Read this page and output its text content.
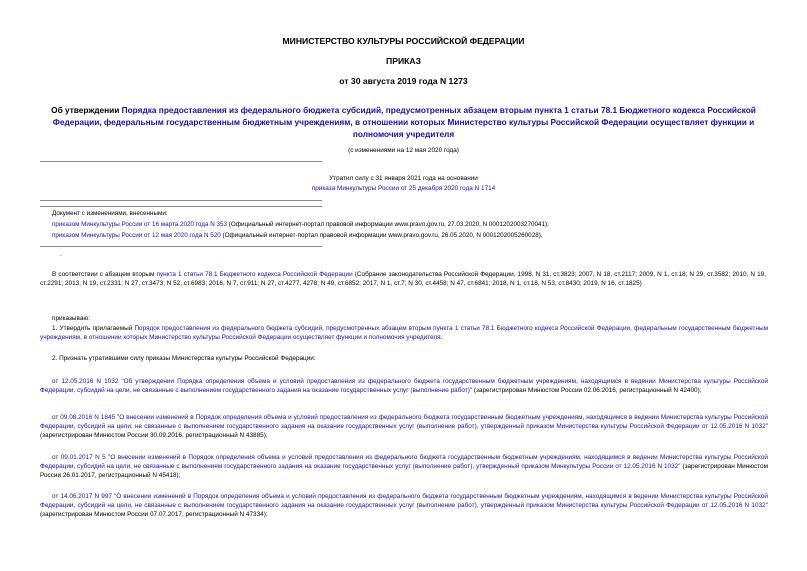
МИНИСТЕРСТВО КУЛЬТУРЫ РОССИЙСКОЙ ФЕДЕРАЦИИ
ПРИКАЗ
от 30 августа 2019 года N 1273
Об утверждении Порядка предоставления из федерального бюджета субсидий, предусмотренных абзацем вторым пункта 1 статьи 78.1 Бюджетного кодекса Российской Федерации, федеральным государственным бюджетным учреждениям, в отношении которых Министерство культуры Российской Федерации осуществляет функции и полномочия учредителя
(с изменениями на 12 мая 2020 года)
Утратил силу с 31 января 2021 года на основании
приказа Минкультуры России от 25 декабря 2020 года N 1714
Документ с изменениями, внесенными:
приказом Минкультуры России от 16 марта 2020 года N 353 (Официальный интернет-портал правовой информации www.pravo.gov.ru, 27.03.2020, N 0001202003270041);
приказом Минкультуры России от 12 мая 2020 года N 520 (Официальный интернет-портал правовой информации www.pravo.gov.ru, 26.05.2020, N 0001202005260028).
.
В соответствии с абзацем вторым пункта 1 статьи 78.1 Бюджетного кодекса Российской Федерации (Собрание законодательства Российской Федерации, 1998, N 31, ст.3823; 2007, N 18, ст.2117; 2009, N 1, ст.18; N 29, ст.3582; 2010, N 19, ст.2291; 2013, N 19, ст.2331; N 27, ст.3473; N 52, ст.6983; 2016, N 7, ст.911; N 27, ст.4277, 4278; N 49, ст.6852; 2017, N 1, ст.7; N 30, ст.4458; N 47, ст.6841; 2018, N 1, ст.18, N 53, ст.8430; 2019, N 16, ст.1825)
приказываю:
1. Утвердить прилагаемый Порядок предоставления из федерального бюджета субсидий, предусмотренных абзацем вторым пункта 1 статьи 78.1 Бюджетного кодекса Российской Федерации, федеральным государственным бюджетным учреждениям, в отношении которых Министерство культуры Российской Федерации осуществляет функции и полномочия учредителя.
2. Признать утратившими силу приказы Министерства культуры Российской Федерации:
от 12.05.2016 N 1032 "Об утверждении Порядка определения объема и условий предоставления из федерального бюджета государственным бюджетным учреждениям, находящимся в ведении Министерства культуры Российской Федерации, субсидий на цели, не связанные с выполнением государственного задания на оказание государственных услуг (выполнение работ)" (зарегистрирован Минюстом России 02.06.2016, регистрационный N 42400);
от 09.08.2016 N 1845 "О внесении изменений в Порядок определения объема и условий предоставления из федерального бюджета государственным бюджетным учреждениям, находящимся в ведении Министерства культуры Российской Федерации, субсидий на цели, не связанные с выполнением государственного задания на оказание государственных услуг (выполнение работ), утвержденный приказом Министерства культуры Российской Федерации от 12.05.2016 N 1032" (зарегистрирован Минюстом России 30.09.2016, регистрационный N 43885);
от 09.01.2017 N 5 "О внесении изменений в Порядок определения объема и условий предоставления из федерального бюджета государственным бюджетным учреждениям, находящимся в ведении Министерства культуры Российской Федерации, субсидий на цели, не связанные с выполнением государственного задания на оказание государственных услуг (выполнение работ), утвержденный приказом Минкультуры России от 12.05.2016 N 1032" (зарегистрирован Минюстом России 26.01.2017, регистрационный N 45418);
от 14.06.2017 N 997 "О внесении изменений в Порядок определения объема и условий предоставления из федерального бюджета государственным бюджетным учреждениям, находящимся в ведении Министерства культуры Российской Федерации, субсидий на цели, не связанные с выполнением государственного задания на оказание государственных услуг (выполнение работ), утвержденный приказом Министерства культуры Российской Федерации от 12.05.2016 N 1032" (зарегистрирован Минюстом России 07.07.2017, регистрационный N 47334);
